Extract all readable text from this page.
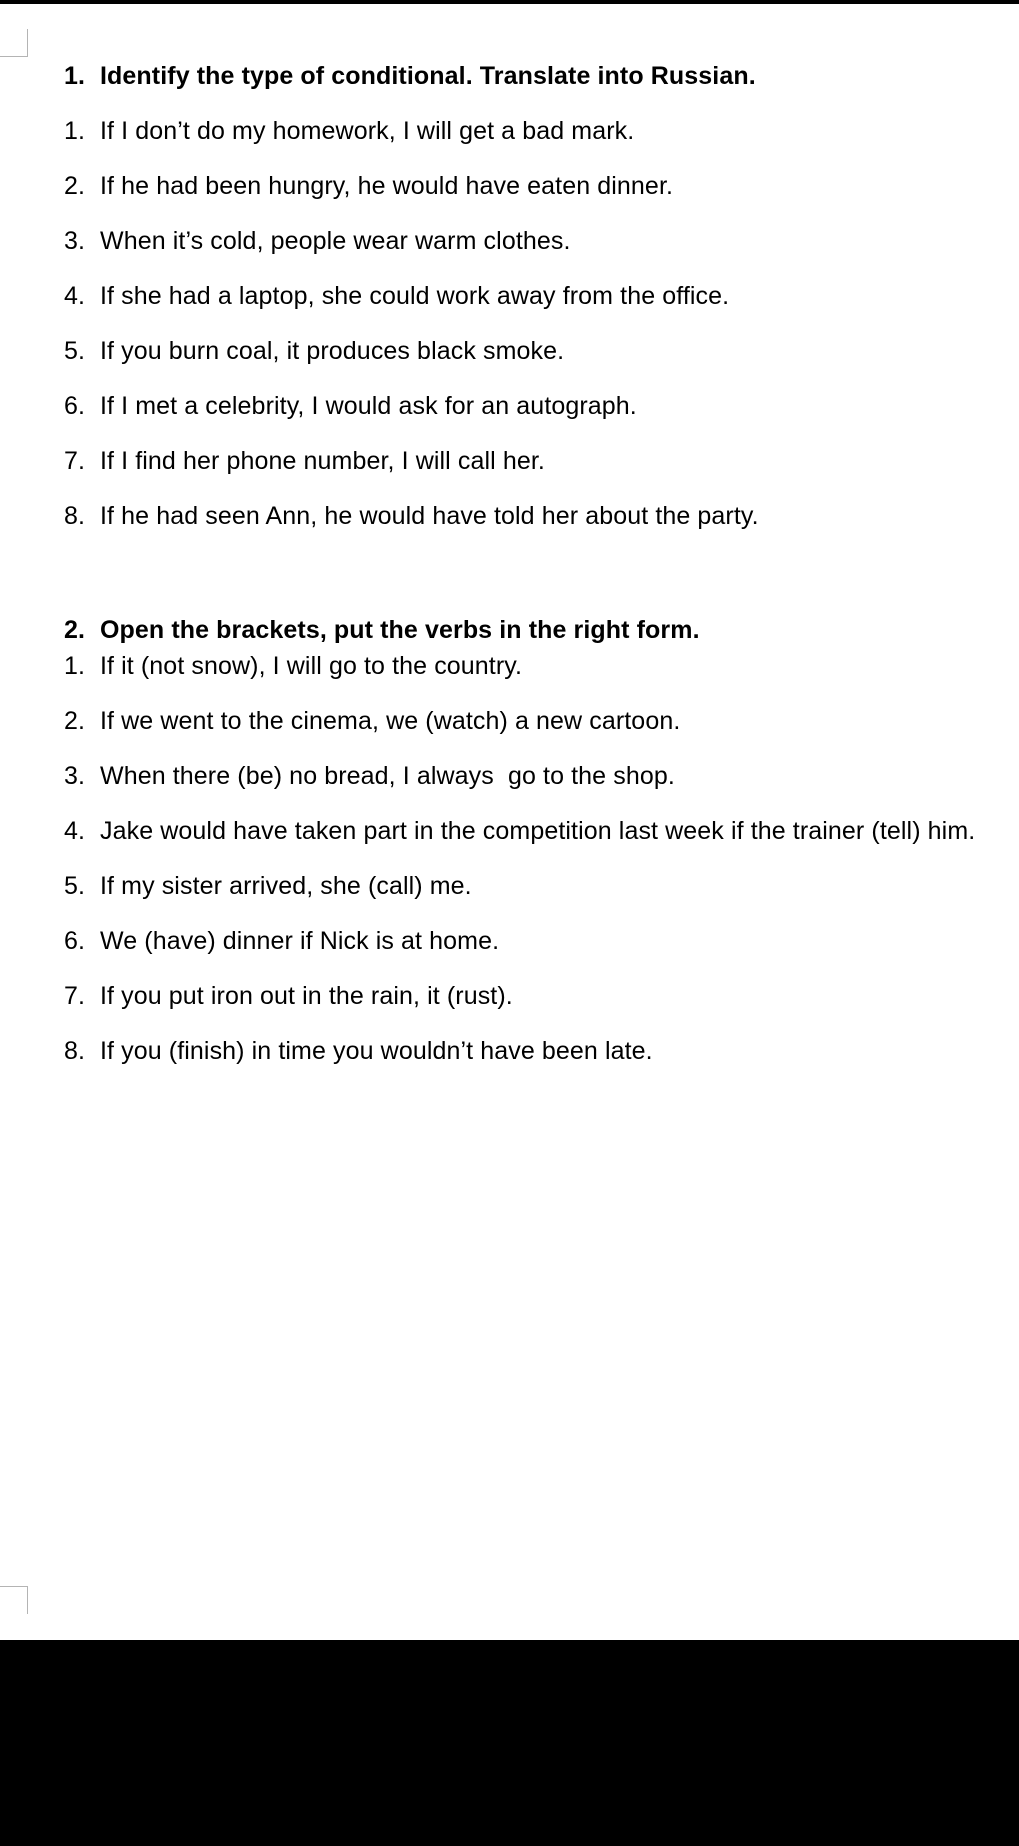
1. Identify the type of conditional. Translate into Russian.
1. If I don’t do my homework, I will get a bad mark.
2. If he had been hungry, he would have eaten dinner.
3. When it’s cold, people wear warm clothes.
4. If she had a laptop, she could work away from the office.
5. If you burn coal, it produces black smoke.
6. If I met a celebrity, I would ask for an autograph.
7. If I find her phone number, I will call her.
8. If he had seen Ann, he would have told her about the party.
2. Open the brackets, put the verbs in the right form.
1. If it (not snow), I will go to the country.
2. If we went to the cinema, we (watch) a new cartoon.
3. When there (be) no bread, I always  go to the shop.
4. Jake would have taken part in the competition last week if the trainer (tell) him.
5. If my sister arrived, she (call) me.
6. We (have) dinner if Nick is at home.
7. If you put iron out in the rain, it (rust).
8. If you (finish) in time you wouldn’t have been late.
